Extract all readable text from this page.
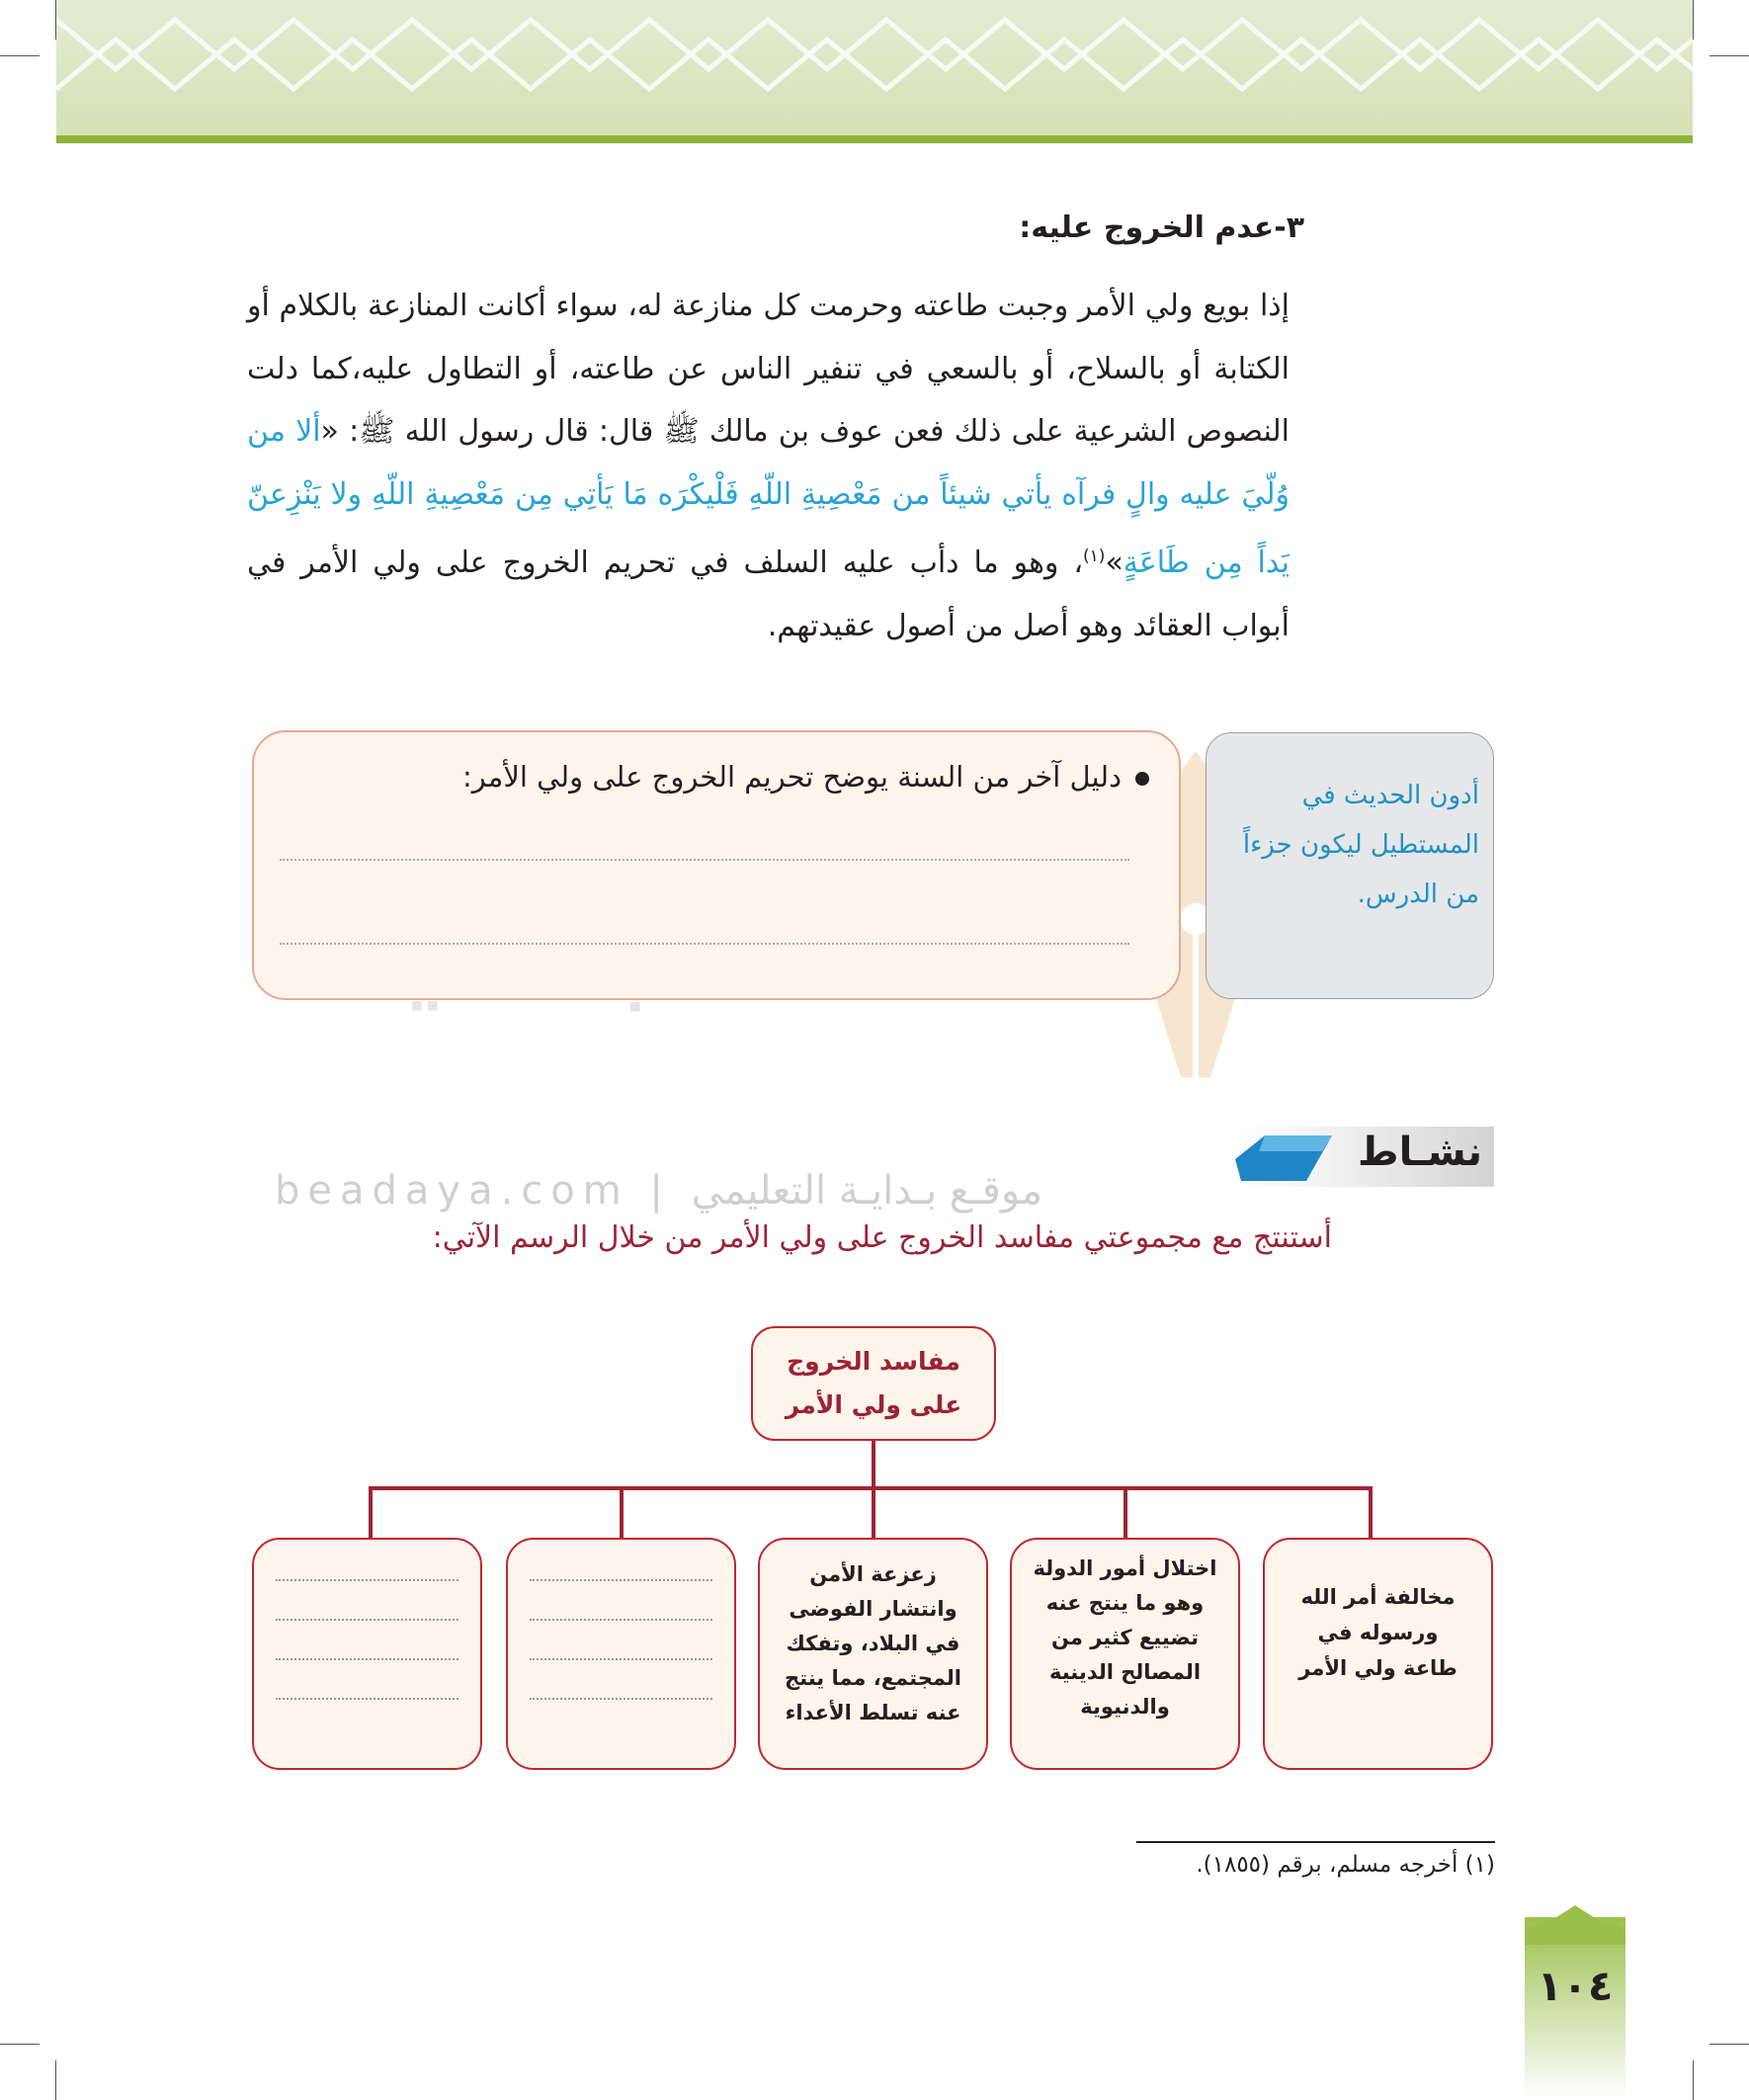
٣-عدم الخروج عليه:
إذا بويع ولي الأمر وجبت طاعته وحرمت كل منازعة له، سواء أكانت المنازعة بالكلام أو الكتابة أو بالسلاح، أو بالسعي في تنفير الناس عن طاعته، أو التطاول عليه،كما دلت النصوص الشرعية على ذلك فعن عوف بن مالك ﷺ قال: قال رسول الله ﷺ: «ألا من وُلّيَ عليه والٍ فرآه يأتي شيئاً من مَعْصِيةِ اللّهِ فَلْيكْرَه مَا يَأتِي مِن مَعْصِيةِ اللّهِ ولا يَنْزِعنّ يَداً مِن طَاعَةٍ»$^{(١)}$، وهو ما دأب عليه السلف في تحريم الخروج على ولي الأمر في أبواب العقائد وهو أصل من أصول عقيدتهم.
beadaya.com | موقـع بـدايـة التعليمي
أدون الحديث في المستطيل ليكون جزءاً من الدرس.
دليل آخر من السنة يوضح تحريم الخروج على ولي الأمر:
نشـاط
أستنتج مع مجموعتي مفاسد الخروج على ولي الأمر من خلال الرسم الآتي:
مفاسد الخروج
على ولي الأمر
مخالفة أمر الله ورسوله في طاعة ولي الأمر
اختلال أمور الدولة وهو ما ينتج عنه تضييع كثير من المصالح الدينية والدنيوية
زعزعة الأمن وانتشار الفوضى في البلاد، وتفكك المجتمع، مما ينتج عنه تسلط الأعداء
(١) أخرجه مسلم، برقم (١٨٥٥).
١٠٤
